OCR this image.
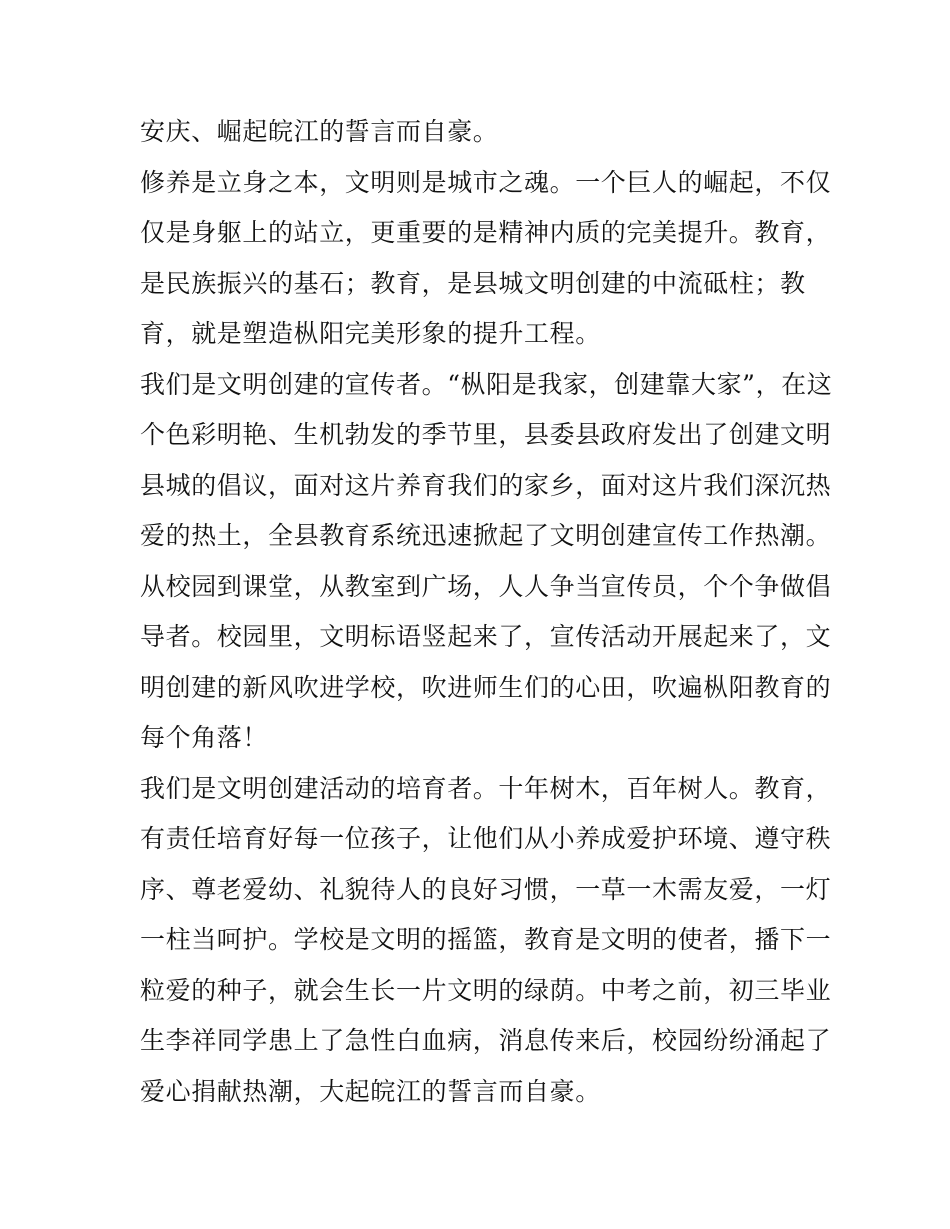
安庆、崛起皖江的誓言而自豪。
修养是立身之本，文明则是城市之魂。一个巨人的崛起，不仅
仅是身躯上的站立，更重要的是精神内质的完美提升。教育，
是民族振兴的基石；教育，是县城文明创建的中流砥柱；教
育，就是塑造枞阳完美形象的提升工程。
我们是文明创建的宣传者。“枞阳是我家，创建靠大家”，在这
个色彩明艳、生机勃发的季节里，县委县政府发出了创建文明
县城的倡议，面对这片养育我们的家乡，面对这片我们深沉热
爱的热土，全县教育系统迅速掀起了文明创建宣传工作热潮。
从校园到课堂，从教室到广场，人人争当宣传员，个个争做倡
导者。校园里，文明标语竖起来了，宣传活动开展起来了，文
明创建的新风吹进学校，吹进师生们的心田，吹遍枞阳教育的
每个角落！
我们是文明创建活动的培育者。十年树木，百年树人。教育，
有责任培育好每一位孩子，让他们从小养成爱护环境、遵守秩
序、尊老爱幼、礼貌待人的良好习惯，一草一木需友爱，一灯
一柱当呵护。学校是文明的摇篮，教育是文明的使者，播下一
粒爱的种子，就会生长一片文明的绿荫。中考之前，初三毕业
生李祥同学患上了急性白血病，消息传来后，校园纷纷涌起了
爱心捐献热潮，大起皖江的誓言而自豪。
